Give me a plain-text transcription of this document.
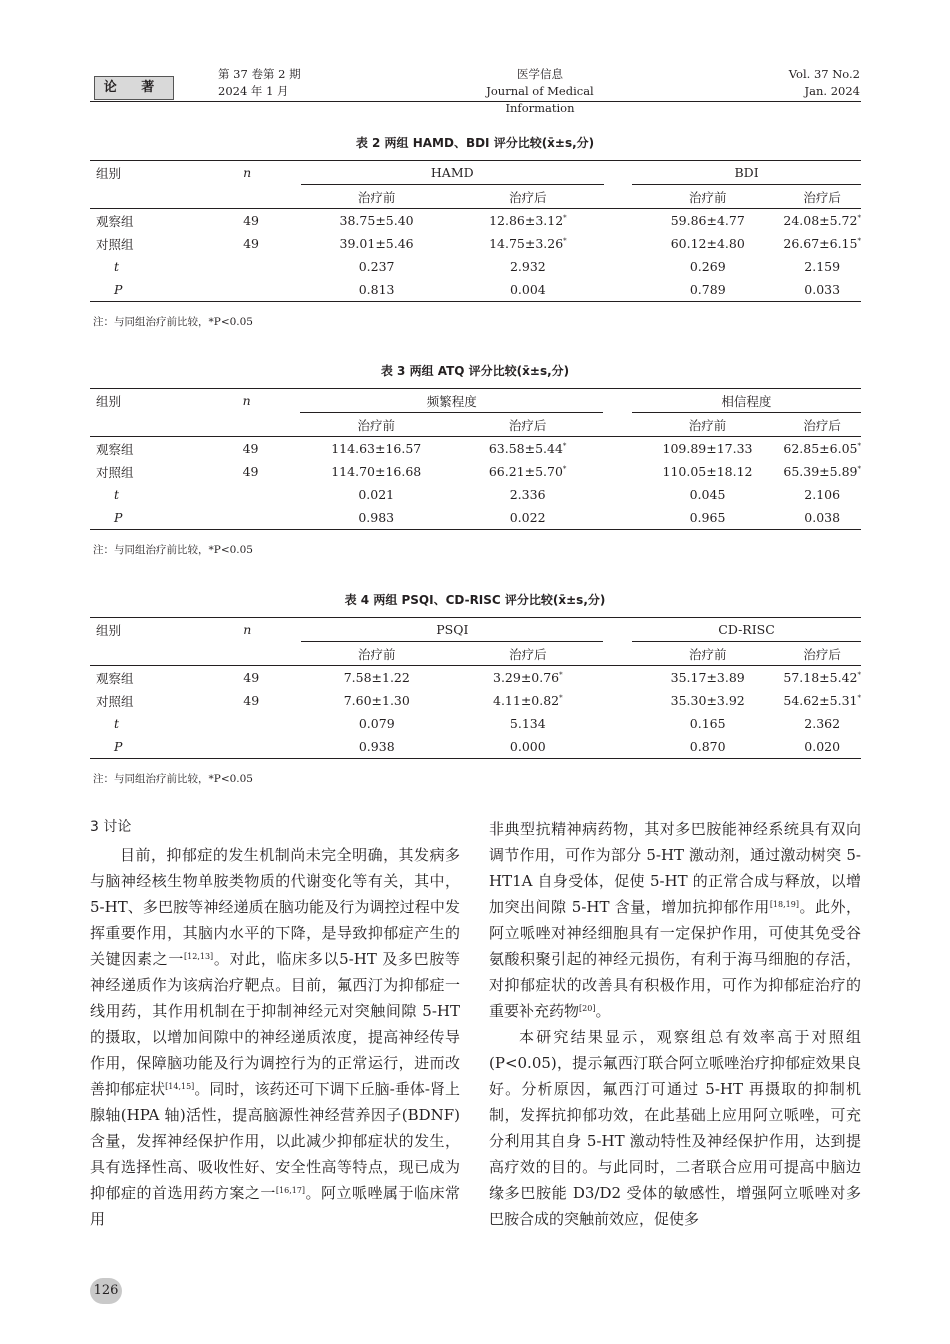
论 著
第 37 卷第 2 期
2024 年 1 月
医学信息
Journal of Medical Information
Vol. 37 No.2
Jan. 2024
表 2 两组 HAMD、BDI 评分比较(x̄±s,分)
组别	n	HAMD			BDI	
		治疗前	治疗后		治疗前	治疗后
观察组	49	38.75±5.40	12.86±3.12*		59.86±4.77	24.08±5.72*
对照组	49	39.01±5.46	14.75±3.26*		60.12±4.80	26.67±6.15*
t		0.237	2.932		0.269	2.159
P		0.813	0.004		0.789	0.033
注：与同组治疗前比较，*P<0.05
表 3 两组 ATQ 评分比较(x̄±s,分)
组别	n	频繁程度			相信程度	
		治疗前	治疗后		治疗前	治疗后
观察组	49	114.63±16.57	63.58±5.44*		109.89±17.33	62.85±6.05*
对照组	49	114.70±16.68	66.21±5.70*		110.05±18.12	65.39±5.89*
t		0.021	2.336		0.045	2.106
P		0.983	0.022		0.965	0.038
注：与同组治疗前比较，*P<0.05
表 4 两组 PSQI、CD-RISC 评分比较(x̄±s,分)
组别	n	PSQI			CD-RISC	
		治疗前	治疗后		治疗前	治疗后
观察组	49	7.58±1.22	3.29±0.76*		35.17±3.89	57.18±5.42*
对照组	49	7.60±1.30	4.11±0.82*		35.30±3.92	54.62±5.31*
t		0.079	5.134		0.165	2.362
P		0.938	0.000		0.870	0.020
注：与同组治疗前比较，*P<0.05
3 讨论

目前，抑郁症的发生机制尚未完全明确，其发病多与脑神经核生物单胺类物质的代谢变化等有关，其中，5-HT、多巴胺等神经递质在脑功能及行为调控过程中发挥重要作用，其脑内水平的下降，是导致抑郁症产生的关键因素之一[12,13]。对此，临床多以5-HT 及多巴胺等神经递质作为该病治疗靶点。目前，氟西汀为抑郁症一线用药，其作用机制在于抑制神经元对突触间隙 5-HT 的摄取，以增加间隙中的神经递质浓度，提高神经传导作用，保障脑功能及行为调控行为的正常运行，进而改善抑郁症状[14,15]。同时，该药还可下调下丘脑-垂体-肾上腺轴(HPA 轴)活性，提高脑源性神经营养因子(BDNF)含量，发挥神经保护作用，以此减少抑郁症状的发生，具有选择性高、吸收性好、安全性高等特点，现已成为抑郁症的首选用药方案之一[16,17]。阿立哌唑属于临床常用

非典型抗精神病药物，其对多巴胺能神经系统具有双向调节作用，可作为部分 5-HT 激动剂，通过激动树突 5-HT1A 自身受体，促使 5-HT 的正常合成与释放，以增加突出间隙 5-HT 含量，增加抗抑郁作用[18,19]。此外，阿立哌唑对神经细胞具有一定保护作用，可使其免受谷氨酸积聚引起的神经元损伤，有利于海马细胞的存活，对抑郁症状的改善具有积极作用，可作为抑郁症治疗的重要补充药物[20]。

本研究结果显示，观察组总有效率高于对照组(P<0.05)，提示氟西汀联合阿立哌唑治疗抑郁症效果良好。分析原因，氟西汀可通过 5-HT 再摄取的抑制机制，发挥抗抑郁功效，在此基础上应用阿立哌唑，可充分利用其自身 5-HT 激动特性及神经保护作用，达到提高疗效的目的。与此同时，二者联合应用可提高中脑边缘多巴胺能 D3/D2 受体的敏感性，增强阿立哌唑对多巴胺合成的突触前效应，促使多

126
